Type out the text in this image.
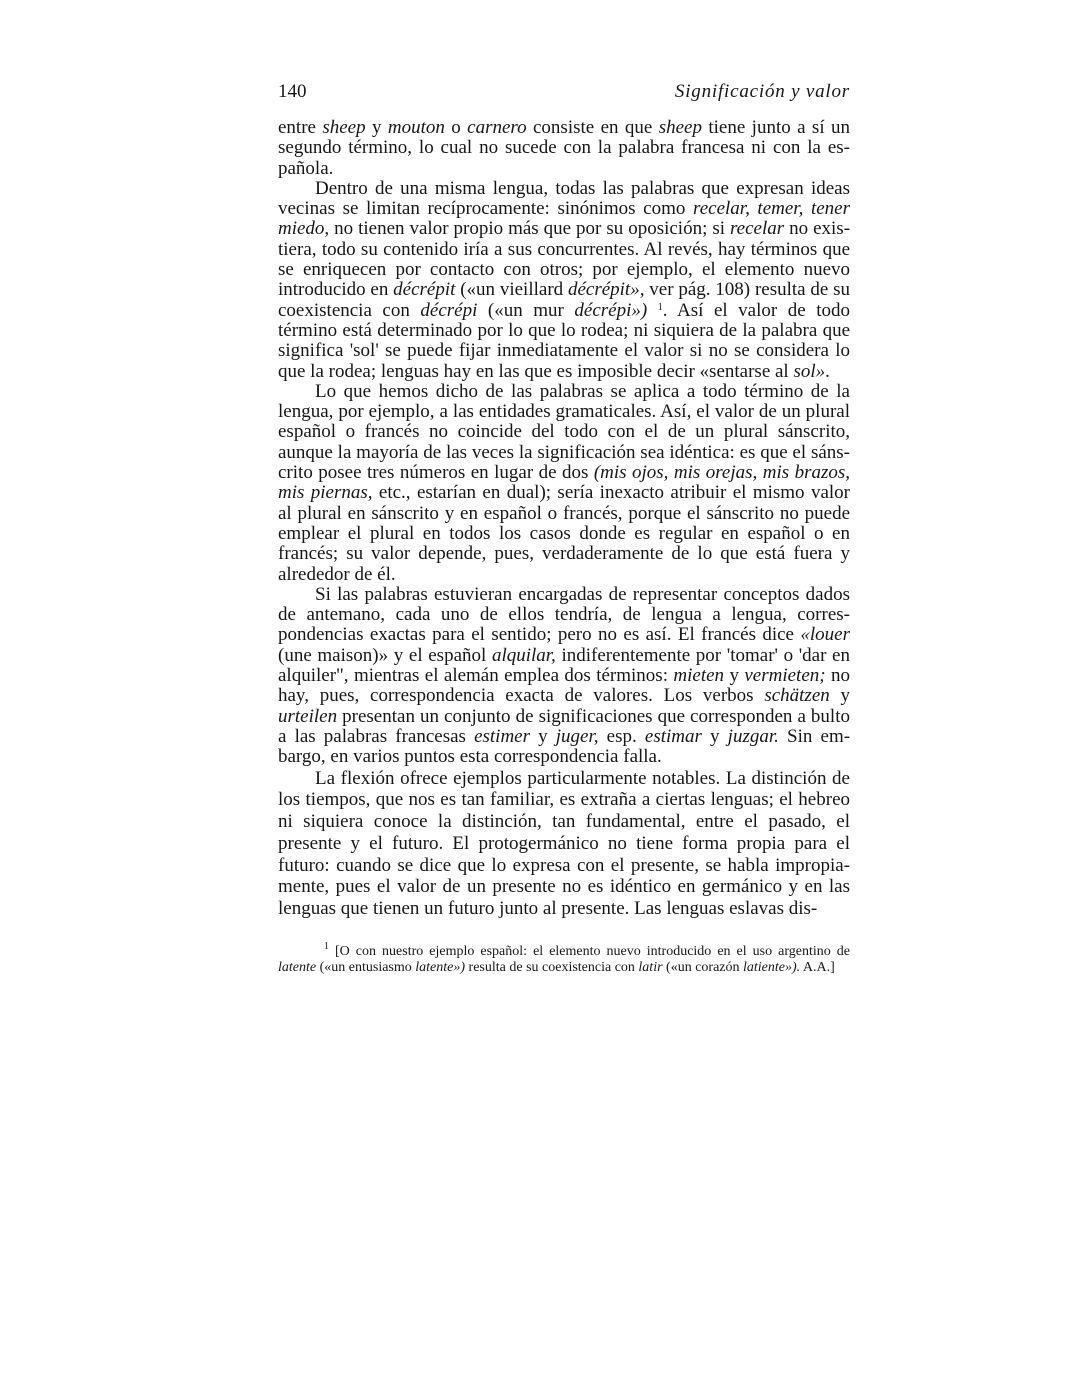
140	Significación y valor

entre sheep y mouton o carnero consiste en que sheep tiene junto a sí un segundo término, lo cual no sucede con la palabra francesa ni con la española.

Dentro de una misma lengua, todas las palabras que expresan ideas vecinas se limitan recíprocamente: sinónimos como recelar, temer, tener miedo, no tienen valor propio más que por su oposición; si recelar no existiera, todo su contenido iría a sus concurrentes. Al revés, hay términos que se enriquecen por contacto con otros; por ejemplo, el elemento nuevo introducido en décrépit («un vieillard décrépit», ver pág. 108) resulta de su coexistencia con décrépi («un mur décrépi») $^1$. Así el valor de todo término está determinado por lo que lo rodea; ni siquiera de la palabra que significa 'sol' se puede fijar inmediatamente el valor si no se considera lo que la rodea; lenguas hay en las que es imposible decir «sentarse al sol».

Lo que hemos dicho de las palabras se aplica a todo término de la lengua, por ejemplo, a las entidades gramaticales. Así, el valor de un plural español o francés no coincide del todo con el de un plural sánscrito, aunque la mayoría de las veces la significación sea idéntica: es que el sánscrito posee tres números en lugar de dos (mis ojos, mis orejas, mis brazos, mis piernas, etc., estarían en dual); sería inexacto atribuir el mismo valor al plural en sánscrito y en español o francés, porque el sánscrito no puede emplear el plural en todos los casos donde es regular en español o en francés; su valor depende, pues, verdaderamente de lo que está fuera y alrededor de él.

Si las palabras estuvieran encargadas de representar conceptos dados de antemano, cada uno de ellos tendría, de lengua a lengua, correspondencias exactas para el sentido; pero no es así. El francés dice «louer (une maison)» y el español alquilar, indiferentemente por 'tomar' o 'dar en alquiler", mientras el alemán emplea dos términos: mieten y vermieten; no hay, pues, correspondencia exacta de valores. Los verbos schätzen y urteilen presentan un conjunto de significaciones que corresponden a bulto a las palabras francesas estimer y juger, esp. estimar y juzgar. Sin embargo, en varios puntos esta correspondencia falla.

La flexión ofrece ejemplos particularmente notables. La distinción de los tiempos, que nos es tan familiar, es extraña a ciertas lenguas; el hebreo ni siquiera conoce la distinción, tan fundamental, entre el pasado, el presente y el futuro. El protogermánico no tiene forma propia para el futuro: cuando se dice que lo expresa con el presente, se habla impropiamente, pues el valor de un presente no es idéntico en germánico y en las lenguas que tienen un futuro junto al presente. Las lenguas eslavas dis-

$^1$ [O con nuestro ejemplo español: el elemento nuevo introducido en el uso argentino de latente («un entusiasmo latente») resulta de su coexistencia con latir («un corazón latiente»). A.A.]
